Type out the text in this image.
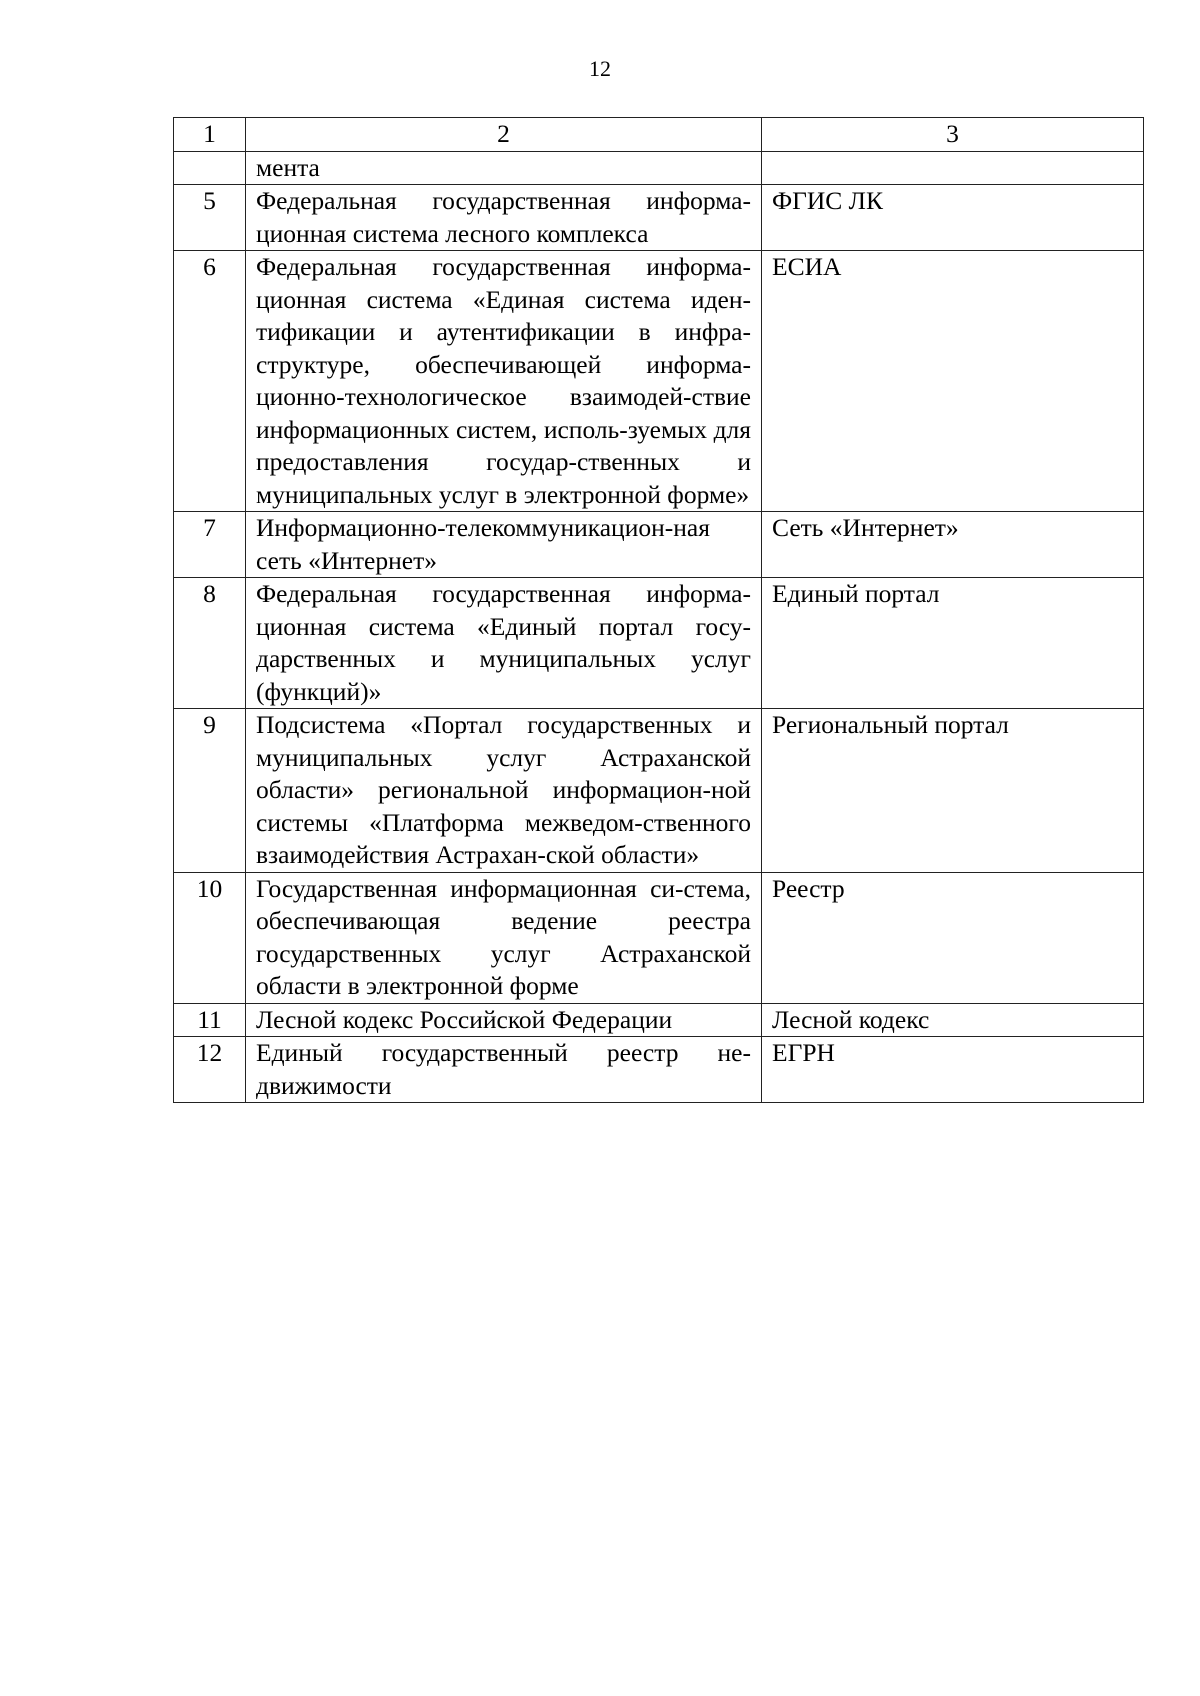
12
1	2	3
	мента	
5	Федеральная государственная информа-ционная система лесного комплекса	ФГИС ЛК
6	Федеральная государственная информа-ционная система «Единая система иден-тификации и аутентификации в инфра-структуре, обеспечивающей информа-ционно-технологическое взаимодей-ствие информационных систем, исполь-зуемых для предоставления государ-ственных и муниципальных услуг в электронной форме»	ЕСИА
7	Информационно-телекоммуникацион-ная сеть «Интернет»	Сеть «Интернет»
8	Федеральная государственная информа-ционная система «Единый портал госу-дарственных и муниципальных услуг (функций)»	Единый портал
9	Подсистема «Портал государственных и муниципальных услуг Астраханской области» региональной информацион-ной системы «Платформа межведом-ственного взаимодействия Астрахан-ской области»	Региональный портал
10	Государственная информационная си-стема, обеспечивающая ведение реестра государственных услуг Астраханской области в электронной форме	Реестр
11	Лесной кодекс Российской Федерации	Лесной кодекс
12	Единый государственный реестр не-движимости	ЕГРН
